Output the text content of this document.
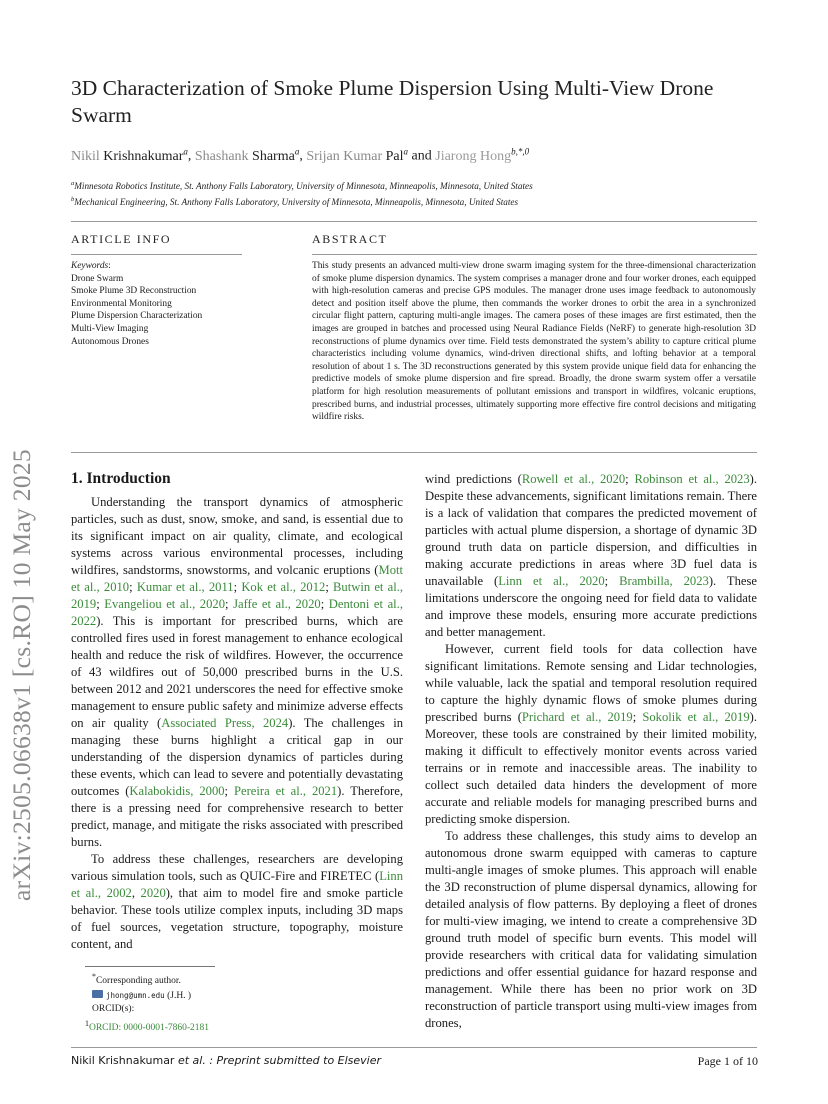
arXiv:2505.06638v1 [cs.RO] 10 May 2025
3D Characterization of Smoke Plume Dispersion Using Multi-View Drone Swarm
Nikil Krishnakumar$^a$, Shashank Sharma$^a$, Srijan Kumar Pal$^a$ and Jiarong Hong$^{b,*,0}$
$^a$Minnesota Robotics Institute, St. Anthony Falls Laboratory, University of Minnesota, Minneapolis, Minnesota, United States
$^b$Mechanical Engineering, St. Anthony Falls Laboratory, University of Minnesota, Minneapolis, Minnesota, United States
ARTICLE INFO
Keywords:
Drone Swarm
Smoke Plume 3D Reconstruction
Environmental Monitoring
Plume Dispersion Characterization
Multi-View Imaging
Autonomous Drones
ABSTRACT
This study presents an advanced multi-view drone swarm imaging system for the three-dimensional characterization of smoke plume dispersion dynamics. The system comprises a manager drone and four worker drones, each equipped with high-resolution cameras and precise GPS modules. The manager drone uses image feedback to autonomously detect and position itself above the plume, then commands the worker drones to orbit the area in a synchronized circular flight pattern, capturing multi-angle images. The camera poses of these images are first estimated, then the images are grouped in batches and processed using Neural Radiance Fields (NeRF) to generate high-resolution 3D reconstructions of plume dynamics over time. Field tests demonstrated the system’s ability to capture critical plume characteristics including volume dynamics, wind-driven directional shifts, and lofting behavior at a temporal resolution of about 1 s. The 3D reconstructions generated by this system provide unique field data for enhancing the predictive models of smoke plume dispersion and fire spread. Broadly, the drone swarm system offer a versatile platform for high resolution measurements of pollutant emissions and transport in wildfires, volcanic eruptions, prescribed burns, and industrial processes, ultimately supporting more effective fire control decisions and mitigating wildfire risks.
1. Introduction

Understanding the transport dynamics of atmospheric particles, such as dust, snow, smoke, and sand, is essential due to its significant impact on air quality, climate, and ecological systems across various environmental processes, including wildfires, sandstorms, snowstorms, and volcanic eruptions (Mott et al., 2010; Kumar et al., 2011; Kok et al., 2012; Butwin et al., 2019; Evangeliou et al., 2020; Jaffe et al., 2020; Dentoni et al., 2022). This is important for prescribed burns, which are controlled fires used in forest management to enhance ecological health and reduce the risk of wildfires. However, the occurrence of 43 wildfires out of 50,000 prescribed burns in the U.S. between 2012 and 2021 underscores the need for effective smoke management to ensure public safety and minimize adverse effects on air quality (Associated Press, 2024). The challenges in managing these burns highlight a critical gap in our understanding of the dispersion dynamics of particles during these events, which can lead to severe and potentially devastating outcomes (Kalabokidis, 2000; Pereira et al., 2021). Therefore, there is a pressing need for comprehensive research to better predict, manage, and mitigate the risks associated with prescribed burns.

To address these challenges, researchers are developing various simulation tools, such as QUIC-Fire and FIRETEC (Linn et al., 2002, 2020), that aim to model fire and smoke particle behavior. These tools utilize complex inputs, including 3D maps of fuel sources, vegetation structure, topography, moisture content, and

wind predictions (Rowell et al., 2020; Robinson et al., 2023). Despite these advancements, significant limitations remain. There is a lack of validation that compares the predicted movement of particles with actual plume dispersion, a shortage of dynamic 3D ground truth data on particle dispersion, and difficulties in making accurate predictions in areas where 3D fuel data is unavailable (Linn et al., 2020; Brambilla, 2023). These limitations underscore the ongoing need for field data to validate and improve these models, ensuring more accurate predictions and better management.

However, current field tools for data collection have significant limitations. Remote sensing and Lidar technologies, while valuable, lack the spatial and temporal resolution required to capture the highly dynamic flows of smoke plumes during prescribed burns (Prichard et al., 2019; Sokolik et al., 2019). Moreover, these tools are constrained by their limited mobility, making it difficult to effectively monitor events across varied terrains or in remote and inaccessible areas. The inability to collect such detailed data hinders the development of more accurate and reliable models for managing prescribed burns and predicting smoke dispersion.

To address these challenges, this study aims to develop an autonomous drone swarm equipped with cameras to capture multi-angle images of smoke plumes. This approach will enable the 3D reconstruction of plume dispersal dynamics, allowing for detailed analysis of flow patterns. By deploying a fleet of drones for multi-view imaging, we intend to create a comprehensive 3D ground truth model of specific burn events. This model will provide researchers with critical data for validating simulation predictions and offer essential guidance for hazard response and management. While there has been no prior work on 3D reconstruction of particle transport using multi-view images from drones,

*Corresponding author.
jhong@umn.edu (J.H. )
ORCID(s):
$^1$ORCID: 0000-0001-7860-2181
Nikil Krishnakumar et al. : Preprint submitted to Elsevier	Page 1 of 10
